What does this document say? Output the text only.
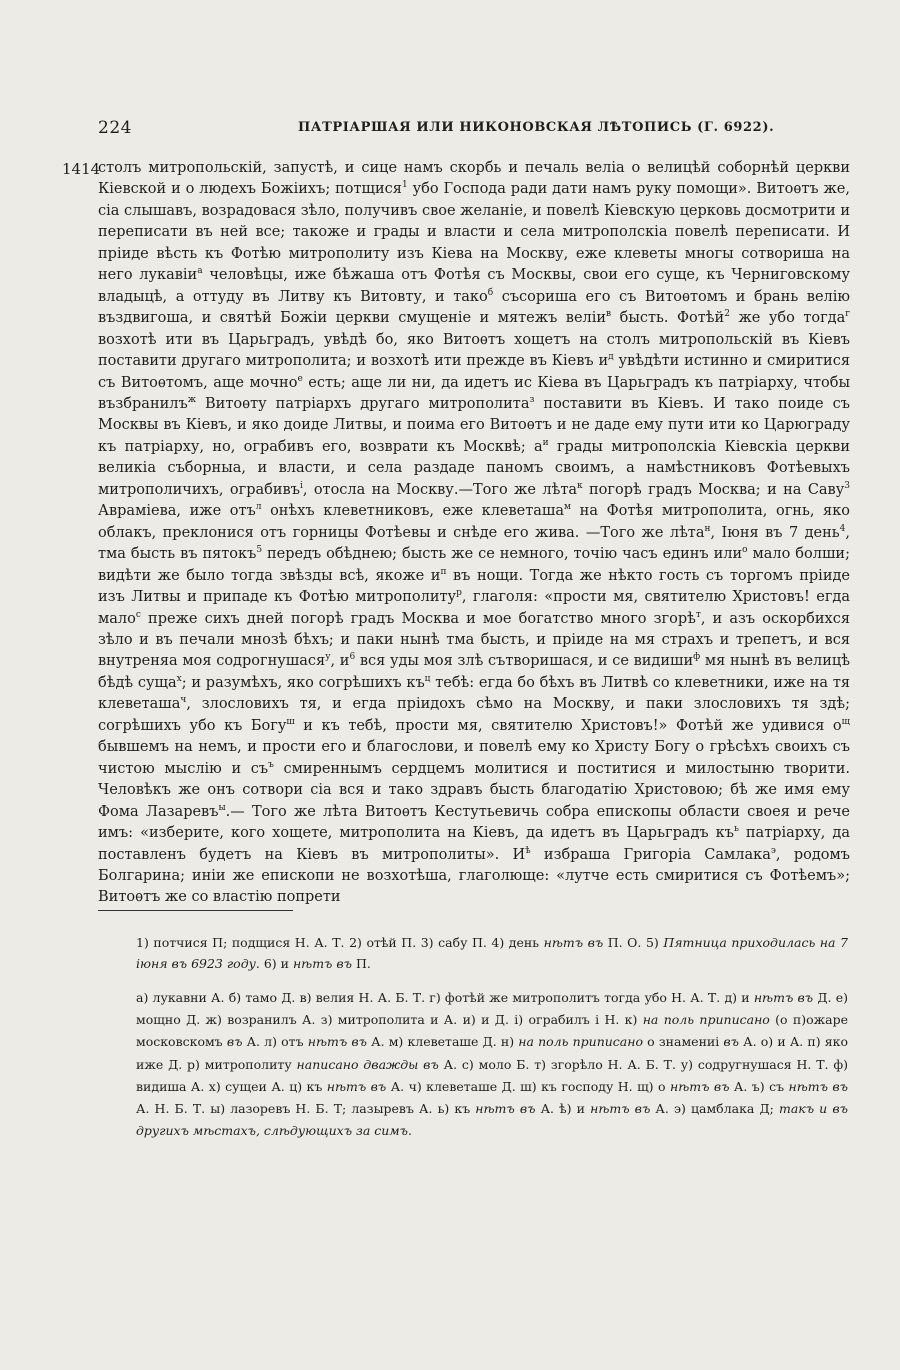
224	ПАТРІАРШАЯ ИЛИ НИКОНОВСКАЯ ЛѢТОПИСЬ (Г. 6922).
1414
столъ митропольскій, запустѣ, и сице намъ скорбь и печаль веліа о велицѣй соборнѣй церкви Кіевской и о людехъ Божіихъ; потщися$^1$ убо Господа ради дати намъ руку помощи». Витоѳтъ же, сіа слышавъ, возрадовася зѣло, получивъ свое желаніе, и повелѣ Кіевскую церковь досмотрити и переписати въ ней все; такоже и грады и власти и села митрополскіа повелѣ переписати. И пріиде вѣсть къ Фотѣю митрополиту изъ Кіева на Москву, еже клеветы многы сотвориша на него лукавіи$^а$ человѣцы, иже бѣжаша отъ Фотѣя съ Москвы, свои его суще, къ Черниговскому владыцѣ, а оттуду въ Литву къ Витовту, и тако$^б$ съсориша его съ Витоѳтомъ и брань велію въздвигоша, и святѣй Божіи церкви смущеніе и мятежъ веліи$^в$ бысть. Фотѣй$^2$ же убо тогда$^г$ возхотѣ ити въ Царьградъ, увѣдѣ бо, яко Витоѳтъ хощетъ на столъ митропольскій въ Кіевъ поставити другаго митрополита; и возхотѣ ити прежде въ Кіевъ $и^д$ увѣдѣти истинно и смиритися съ Витоѳтомъ, аще мочно$^е$ есть; аще ли ни, да идетъ ис Кіева въ Царьградъ къ патріарху, чтобы възбранилъ$^ж$ Витоѳту патріархъ другаго митрополита$^з$ поставити въ Кіевъ. И тако поиде съ Москвы въ Кіевъ, и яко доиде Литвы, и поима его Витоѳтъ и не даде ему пути ити ко Царюграду къ патріарху, но, ограбивъ его, возврати къ Москвѣ; $а^и$ грады митрополскіа Кіевскіа церкви великіа съборныа, и власти, и села раздаде паномъ своимъ, а намѣстниковъ Фотѣевыхъ митрополичихъ, ограбивъ$^і$, отосла на Москву.—Того же лѣта$^к$ погорѣ градъ Москва; и на Саву$^3$ Авраміева, иже отъ$^л$ онѣхъ клеветниковъ, еже клеветаша$^м$ на Фотѣя митрополита, огнь, яко облакъ, преклонися отъ горницы Фотѣевы и снѣде его жива. —Того же лѣта$^н$, Іюня въ 7 день$^4$, тма бысть въ пятокъ$^5$ передъ обѣднею; бысть же се немного, точію часъ единъ или$^о$ мало болши; видѣти же было тогда звѣзды всѣ, якоже $и^п$ въ нощи. Тогда же нѣкто гость съ торгомъ пріиде изъ Литвы и припаде къ Фотѣю митрополиту$^р$, глаголя: «прости мя, святителю Христовъ! егда мало$^с$ преже сихъ дней погорѣ градъ Москва и мое богатство много згорѣ$^т$, и азъ оскорбихся зѣло и въ печали мнозѣ бѣхъ; и паки нынѣ тма бысть, и пріиде на мя страхъ и трепетъ, и вся внутреняа моя содрогнушася$^у$, $и^6$ вся уды моя злѣ сътворишася, и се видиши$^ф$ мя нынѣ въ велицѣ бѣдѣ суща$^х$; и разумѣхъ, яко согрѣшихъ $къ^ц$ тебѣ: егда бо бѣхъ въ Литвѣ со клеветники, иже на тя клеветаша$^ч$, злословихъ тя, и егда пріидохъ сѣмо на Москву, и паки злословихъ тя здѣ; согрѣшихъ убо къ Богу$^ш$ и къ тебѣ, прости мя, святителю Христовъ!» Фотѣй же удивися $о^щ$ бывшемъ на немъ, и прости его и благослови, и повелѣ ему ко Христу Богу о грѣсѣхъ своихъ съ чистою мыслію и $съ^ъ$ смиреннымъ сердцемъ молитися и поститися и милостыню творити. Человѣкъ же онъ сотвори сіа вся и тако здравъ бысть благодатію Христовою; бѣ же имя ему Фома Лазаревъ$^ы$.— Того же лѣта Витоѳтъ Кестутьевичь собра епископы области своея и рече имъ: «изберите, кого хощете, митрополита на Кіевъ, да идетъ въ Царьградъ $къ^ь$ патріарху, да поставленъ будетъ на Кіевъ въ митрополиты». $И^ѣ$ избраша Григоріа Самлака$^э$, родомъ Болгарина; иніи же епископи не возхотѣша, глаголюще: «лутче есть смиритися съ Фотѣемъ»; Витоѳтъ же со властію попрети
1) потчися П; подщися Н. А. Т. 2) отѣй П. 3) сабу П. 4) день нѣтъ въ П. О. 5) Пятница приходилась на 7 іюня въ 6923 году. 6) и нѣтъ въ П.
а) лукавни А. б) тамо Д. в) велия Н. А. Б. Т. г) фотѣй же митрополитъ тогда убо Н. А. Т. д) и нѣтъ въ Д. е) мощно Д. ж) возранилъ А. з) митрополита и А. и) и Д. і) ограбилъ і Н. к) на поль приписано (о п)ожаре московскомъ въ А. л) отъ нѣтъ въ А. м) клеветаше Д. н) на поль приписано о знамениі въ А. о) и А. п) яко иже Д. р) митрополиту написано дважды въ А. с) моло Б. т) згорѣло Н. А. Б. Т. у) содругнушася Н. Т. ф) видиша А. х) сущеи А. ц) къ нѣтъ въ А. ч) клеветаше Д. ш) къ господу Н. щ) о нѣтъ въ А. ъ) съ нѣтъ въ А. Н. Б. Т. ы) лазоревъ Н. Б. Т; лазыревъ А. ь) къ нѣтъ въ А. ѣ) и нѣтъ въ А. э) цамблака Д; такъ и въ другихъ мѣстахъ, слѣдующихъ за симъ.
